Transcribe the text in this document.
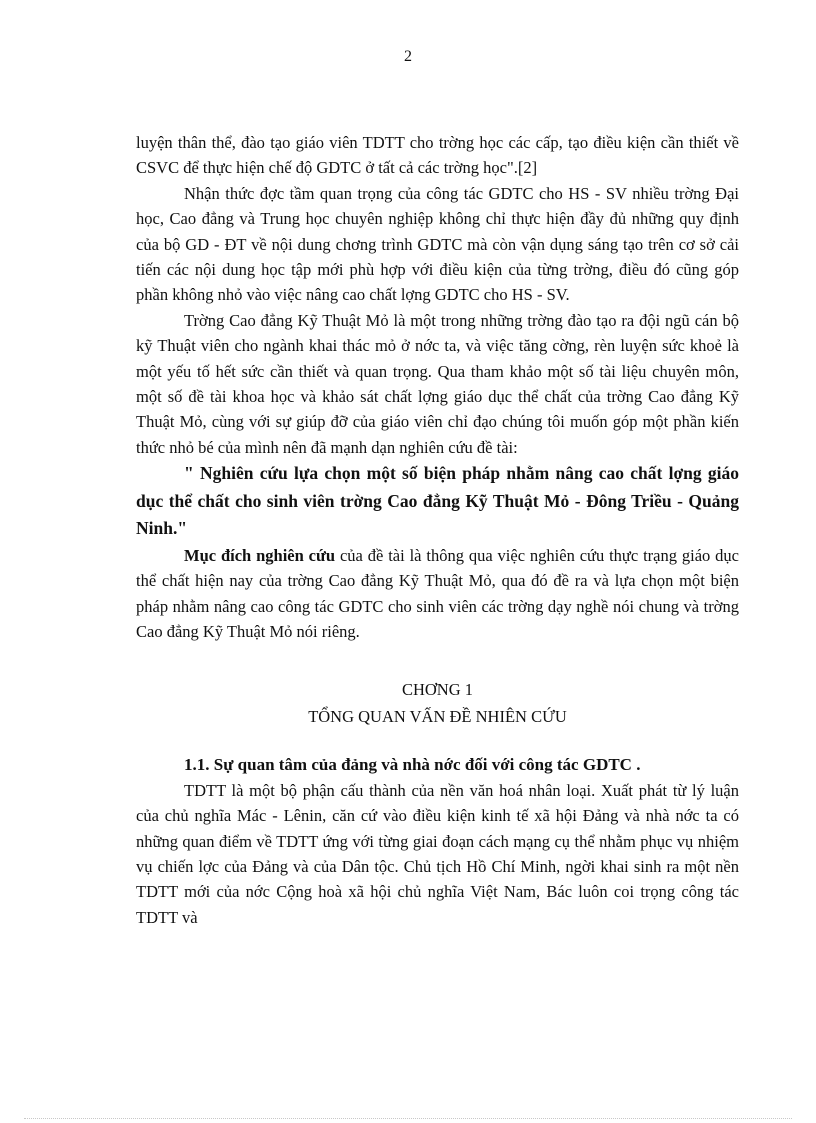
2

luyện thân thể, đào tạo giáo viên TDTT cho trờng học các cấp, tạo điều kiện cần thiết về CSVC để thực hiện chế độ GDTC ở tất cả các trờng học".[2]

Nhận thức đợc tầm quan trọng của công tác GDTC cho HS - SV nhiều trờng Đại học, Cao đẳng và Trung học chuyên nghiệp không chỉ thực hiện đầy đủ những quy định của bộ GD - ĐT về nội dung chơng trình GDTC mà còn vận dụng sáng tạo trên cơ sở cải tiến các nội dung học tập mới phù hợp với điều kiện của từng trờng, điều đó cũng góp phần không nhỏ vào việc nâng cao chất lợng GDTC cho HS - SV.

Trờng Cao đẳng Kỹ Thuật Mỏ là một trong những trờng đào tạo ra đội ngũ cán bộ kỹ Thuật viên cho ngành khai thác mỏ ở nớc ta, và việc tăng cờng, rèn luyện sức khoẻ là một yếu tố hết sức cần thiết và quan trọng. Qua tham khảo một số tài liệu chuyên môn, một số đề tài khoa học và khảo sát chất lợng giáo dục thể chất của trờng Cao đẳng Kỹ Thuật Mỏ, cùng với sự giúp đỡ của giáo viên chỉ đạo chúng tôi muốn góp một phần kiến thức nhỏ bé của mình nên đã mạnh dạn nghiên cứu đề tài:

" Nghiên cứu lựa chọn một số biện pháp nhằm nâng cao chất lợng giáo dục thể chất cho sinh viên trờng Cao đẳng Kỹ Thuật Mỏ - Đông Triều - Quảng Ninh."

Mục đích nghiên cứu của đề tài là thông qua việc nghiên cứu thực trạng giáo dục thể chất hiện nay của trờng Cao đẳng Kỹ Thuật Mỏ, qua đó đề ra và lựa chọn một biện pháp nhằm nâng cao công tác GDTC cho sinh viên các trờng dạy nghề nói chung và trờng Cao đẳng Kỹ Thuật Mỏ nói riêng.

CHƠNG 1

TỔNG QUAN VẤN ĐỀ NHIÊN CỨU

1.1. Sự quan tâm của đảng và nhà nớc đối với công tác GDTC .

TDTT là một bộ phận cấu thành của nền văn hoá nhân loại. Xuất phát từ lý luận của chủ nghĩa Mác - Lênin, căn cứ vào điều kiện kinh tế xã hội Đảng và nhà nớc ta có những quan điểm về TDTT ứng với từng giai đoạn cách mạng cụ thể nhằm phục vụ nhiệm vụ chiến lợc của Đảng và của Dân tộc. Chủ tịch Hồ Chí Minh, ngời khai sinh ra một nền TDTT mới của nớc Cộng hoà xã hội chủ nghĩa Việt Nam, Bác luôn coi trọng công tác TDTT và
